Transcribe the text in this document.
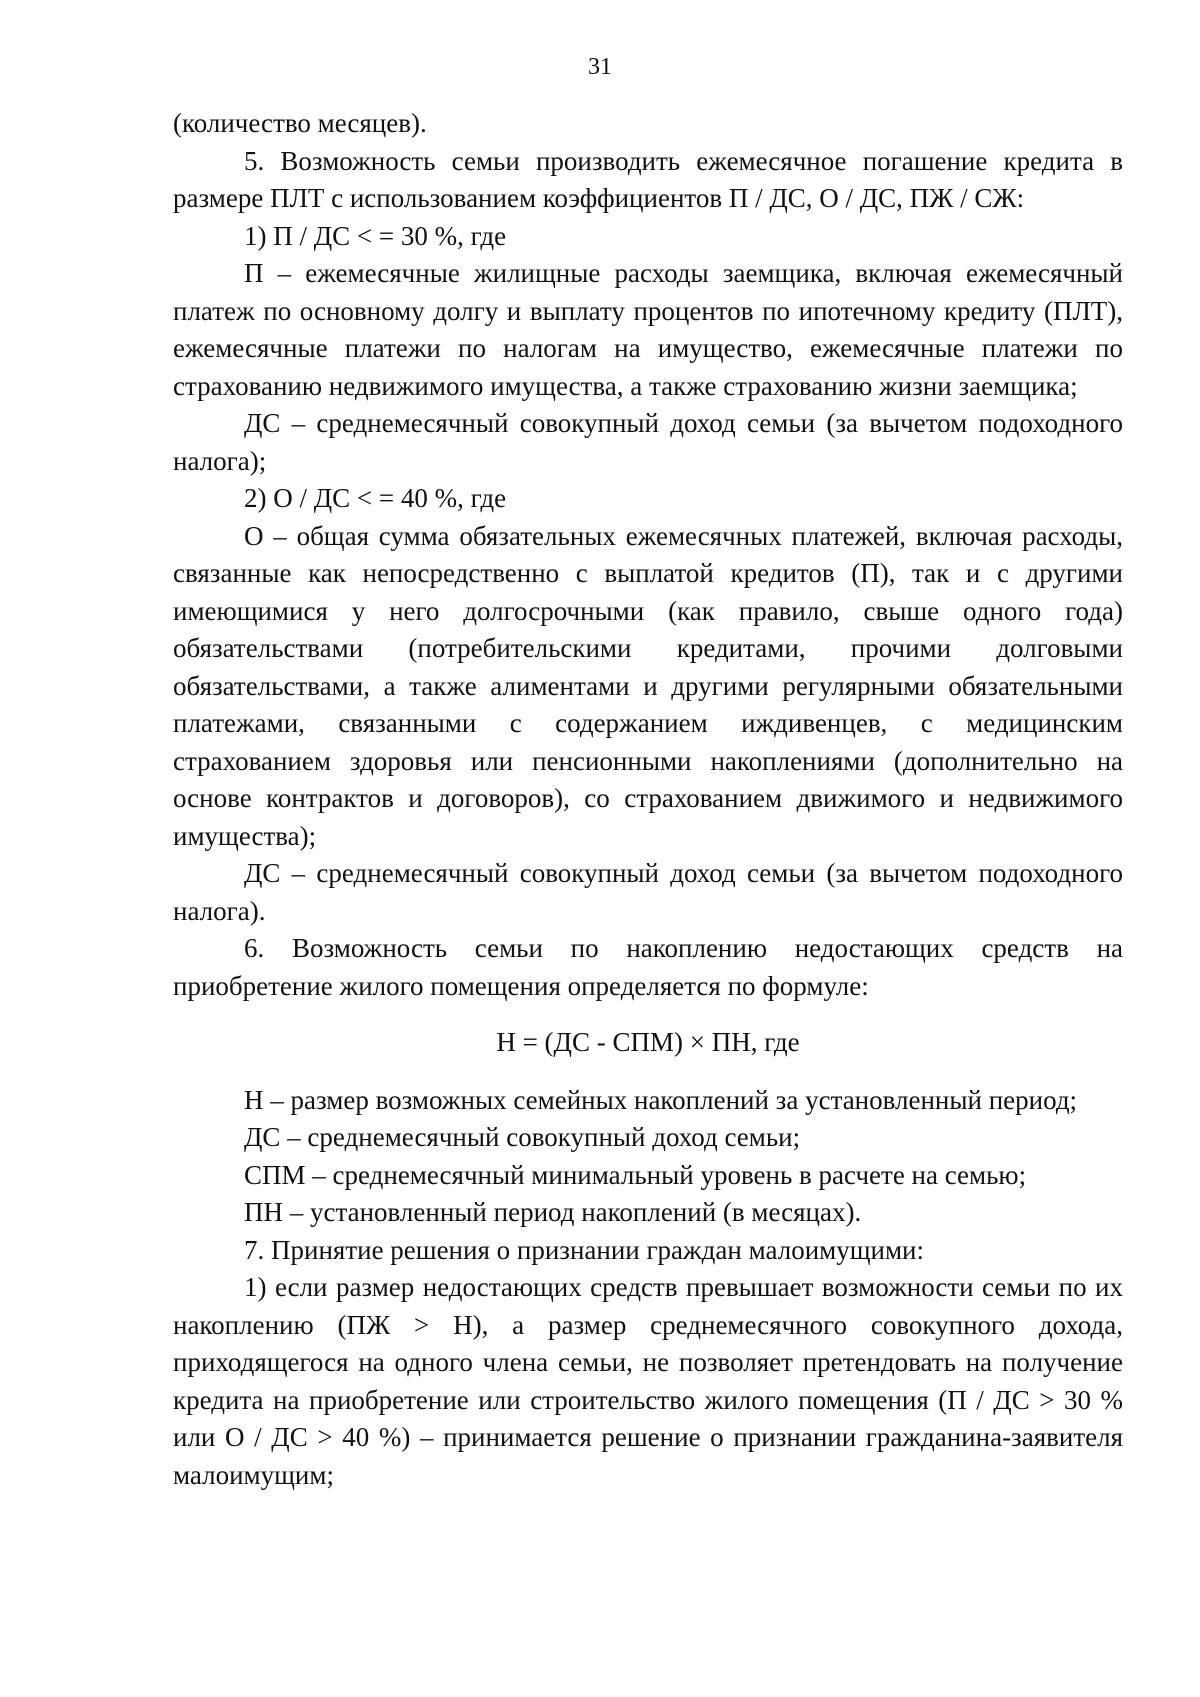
31

(количество месяцев).

5. Возможность семьи производить ежемесячное погашение кредита в размере ПЛТ с использованием коэффициентов П / ДС, О / ДС, ПЖ / СЖ:

1) П / ДС < = 30 %, где

П – ежемесячные жилищные расходы заемщика, включая ежемесячный платеж по основному долгу и выплату процентов по ипотечному кредиту (ПЛТ), ежемесячные платежи по налогам на имущество, ежемесячные платежи по страхованию недвижимого имущества, а также страхованию жизни заемщика;

ДС – среднемесячный совокупный доход семьи (за вычетом подоходного налога);

2) О / ДС < = 40 %, где

О – общая сумма обязательных ежемесячных платежей, включая расходы, связанные как непосредственно с выплатой кредитов (П), так и с другими имеющимися у него долгосрочными (как правило, свыше одного года) обязательствами (потребительскими кредитами, прочими долговыми обязательствами, а также алиментами и другими регулярными обязательными платежами, связанными с содержанием иждивенцев, с медицинским страхованием здоровья или пенсионными накоплениями (дополнительно на основе контрактов и договоров), со страхованием движимого и недвижимого имущества);

ДС – среднемесячный совокупный доход семьи (за вычетом подоходного налога).

6. Возможность семьи по накоплению недостающих средств на приобретение жилого помещения определяется по формуле:

Н = (ДС - СПМ) × ПН, где

Н – размер возможных семейных накоплений за установленный период;

ДС – среднемесячный совокупный доход семьи;

СПМ – среднемесячный минимальный уровень в расчете на семью;

ПН – установленный период накоплений (в месяцах).

7. Принятие решения о признании граждан малоимущими:

1) если размер недостающих средств превышает возможности семьи по их накоплению (ПЖ > Н), а размер среднемесячного совокупного дохода, приходящегося на одного члена семьи, не позволяет претендовать на получение кредита на приобретение или строительство жилого помещения (П / ДС > 30 % или О / ДС > 40 %) – принимается решение о признании гражданина-заявителя малоимущим;
